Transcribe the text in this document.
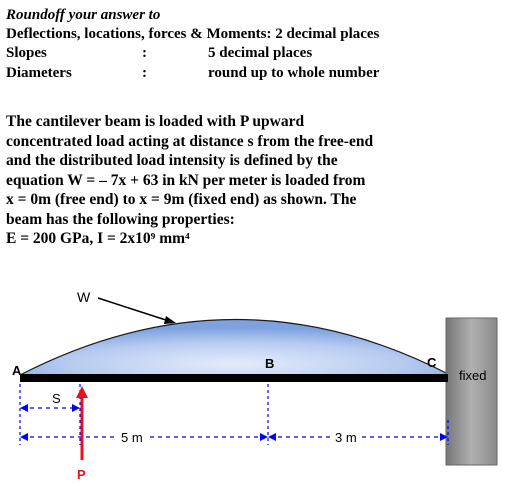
Roundoff your answer to
Deflections, locations, forces & Moments: 2 decimal places
Slopes	:	5 decimal places
Diameters	:	round up to whole number
The cantilever beam is loaded with P upward
concentrated load acting at distance s from the free-end
and the distributed load intensity is defined by the
equation W = – 7x + 63 in kN per meter is loaded from
x = 0m (free end) to x = 9m (fixed end) as shown. The
beam has the following properties:
E = 200 GPa, I = 2x10⁹ mm⁴
W
fixed
A	B	C
S
5 m	3 m
P
